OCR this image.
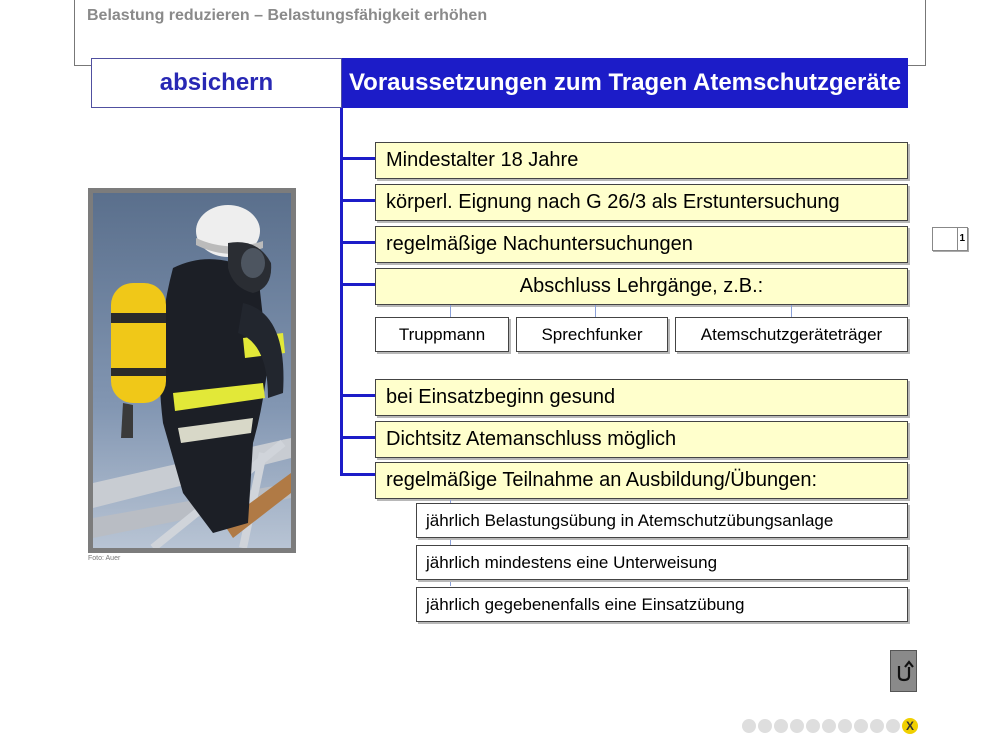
Belastung reduzieren – Belastungsfähigkeit erhöhen
absichern	Voraussetzungen zum Tragen Atemschutzgeräte
Mindestalter 18 Jahre
körperl. Eignung nach G 26/3 als Erstuntersuchung
regelmäßige Nachuntersuchungen
Abschluss Lehrgänge, z.B.:
Truppmann	Sprechfunker	Atemschutzgeräteträger
bei Einsatzbeginn gesund
Dichtsitz Atemanschluss möglich
regelmäßige Teilnahme an Ausbildung/Übungen:
jährlich Belastungsübung in Atemschutzübungsanlage
jährlich mindestens eine Unterweisung
jährlich gegebenenfalls eine Einsatzübung
Foto: Auer
1
X
